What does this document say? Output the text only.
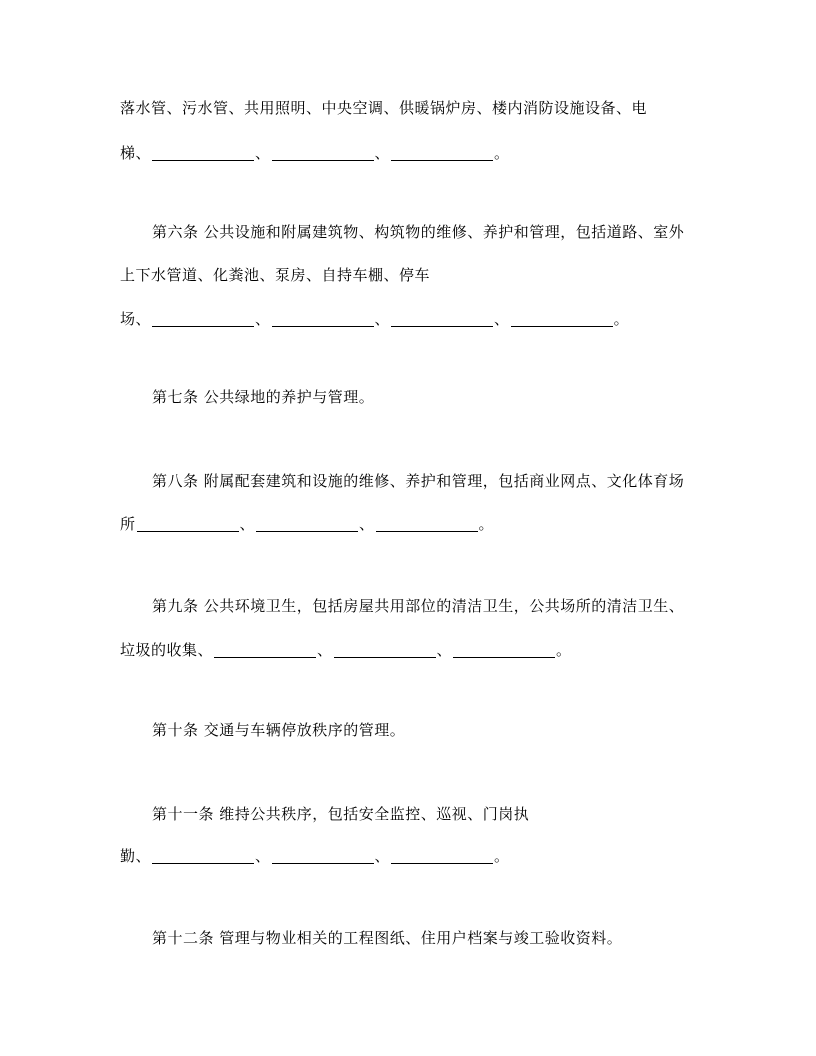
落水管、污水管、共用照明、中央空调、供暖锅炉房、楼内消防设施设备、电
梯、	、	、	。
第六条 公共设施和附属建筑物、构筑物的维修、养护和管理，包括道路、室外
上下水管道、化粪池、泵房、自持车棚、停车
场、	、	、	、	。
第七条 公共绿地的养护与管理。
第八条 附属配套建筑和设施的维修、养护和管理，包括商业网点、文化体育场
所	、	、	。
第九条 公共环境卫生，包括房屋共用部位的清洁卫生，公共场所的清洁卫生、
垃圾的收集、	、	、	。
第十条 交通与车辆停放秩序的管理。
第十一条 维持公共秩序，包括安全监控、巡视、门岗执
勤、	、	、	。
第十二条 管理与物业相关的工程图纸、住用户档案与竣工验收资料。
